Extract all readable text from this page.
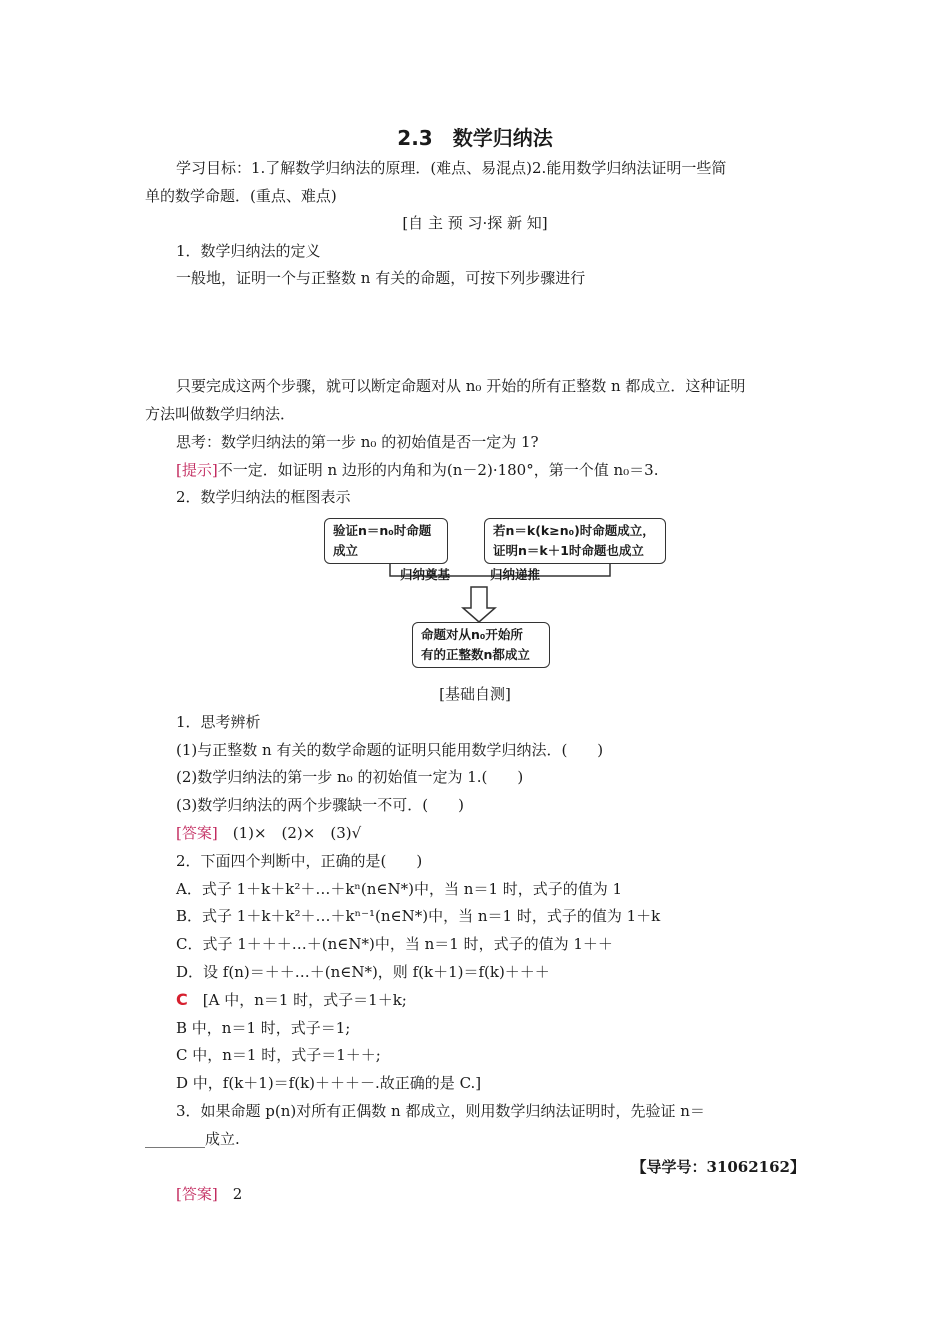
2.3　数学归纳法
学习目标：1.了解数学归纳法的原理．(难点、易混点)2.能用数学归纳法证明一些简
单的数学命题．(重点、难点)
[自 主 预 习·探 新 知]
1．数学归纳法的定义
一般地，证明一个与正整数 n 有关的命题，可按下列步骤进行
只要完成这两个步骤，就可以断定命题对从 n₀ 开始的所有正整数 n 都成立．这种证明
方法叫做数学归纳法．
思考：数学归纳法的第一步 n₀ 的初始值是否一定为 1?
[提示]不一定．如证明 n 边形的内角和为(n－2)·180°，第一个值 n₀＝3.
2．数学归纳法的框图表示
验证n＝n₀时命题成立
若n＝k(k≥n₀)时命题成立，
证明n＝k＋1时命题也成立
归纳奠基	归纳递推
命题对从n₀开始所
有的正整数n都成立
[基础自测]
1．思考辨析
(1)与正整数 n 有关的数学命题的证明只能用数学归纳法．(　　)
(2)数学归纳法的第一步 n₀ 的初始值一定为 1.(　　)
(3)数学归纳法的两个步骤缺一不可．(　　)
[答案]　(1)×　(2)×　(3)√
2．下面四个判断中，正确的是(　　)
A．式子 1＋k＋k²＋…＋kⁿ(n∈N*)中，当 n＝1 时，式子的值为 1
B．式子 1＋k＋k²＋…＋kⁿ⁻¹(n∈N*)中，当 n＝1 时，式子的值为 1＋k
C．式子 1＋＋＋…＋(n∈N*)中，当 n＝1 时，式子的值为 1＋＋
D．设 f(n)＝＋＋…＋(n∈N*)，则 f(k＋1)＝f(k)＋＋＋
C　[A 中，n＝1 时，式子＝1＋k;
B 中，n＝1 时，式子＝1;
C 中，n＝1 时，式子＝1＋＋;
D 中，f(k＋1)＝f(k)＋＋＋－.故正确的是 C.]
3．如果命题 p(n)对所有正偶数 n 都成立，则用数学归纳法证明时，先验证 n＝
________成立.
【导学号：31062162】
[答案]　2
